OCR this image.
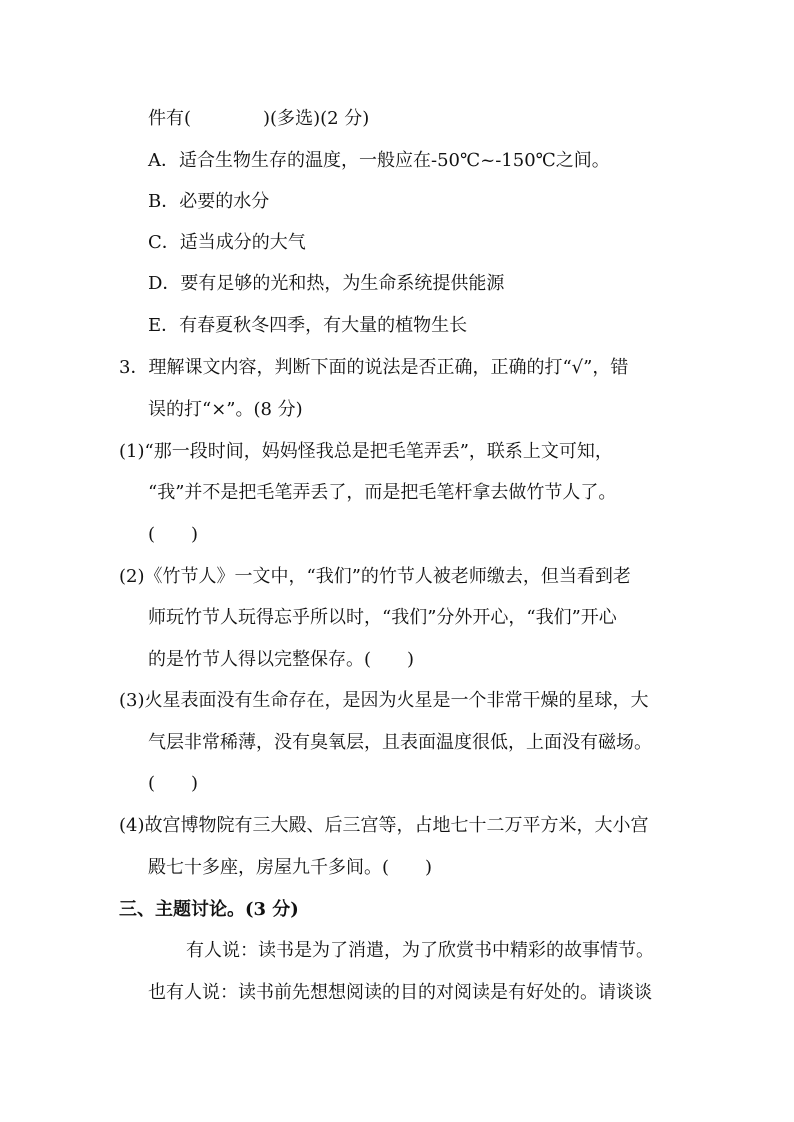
件有(　　　　)(多选)(2 分)
A．适合生物生存的温度，一般应在-50℃~-150℃之间。
B．必要的水分
C．适当成分的大气
D．要有足够的光和热，为生命系统提供能源
E．有春夏秋冬四季，有大量的植物生长
3．理解课文内容，判断下面的说法是否正确，正确的打“√”，错
误的打“×”。(8 分)
(1)“那一段时间，妈妈怪我总是把毛笔弄丢”，联系上文可知，
“我”并不是把毛笔弄丢了，而是把毛笔杆拿去做竹节人了。
(　　)
(2)《竹节人》一文中，“我们”的竹节人被老师缴去，但当看到老
师玩竹节人玩得忘乎所以时，“我们”分外开心，“我们”开心
的是竹节人得以完整保存。(　　)
(3)火星表面没有生命存在，是因为火星是一个非常干燥的星球，大
气层非常稀薄，没有臭氧层，且表面温度很低，上面没有磁场。
(　　)
(4)故宫博物院有三大殿、后三宫等，占地七十二万平方米，大小宫
殿七十多座，房屋九千多间。(　　)
三、主题讨论。(3 分)
有人说：读书是为了消遣，为了欣赏书中精彩的故事情节。
也有人说：读书前先想想阅读的目的对阅读是有好处的。请谈谈
